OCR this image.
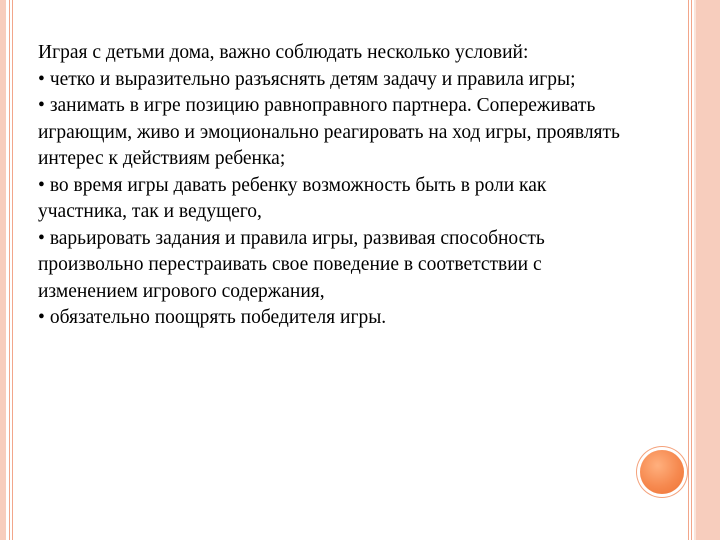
Играя с детьми дома, важно соблюдать несколько условий:

• четко и выразительно разъяснять детям задачу и правила игры;

• занимать в игре позицию равноправного партнера. Сопереживать играющим, живо и эмоционально реагировать на ход игры, проявлять интерес к действиям ребенка;

• во время игры давать ребенку возможность быть в роли как участника, так и ведущего,

• варьировать задания и правила игры, развивая способность произвольно перестраивать свое поведение в соответствии с изменением игрового содержания,

• обязательно поощрять победителя игры.
